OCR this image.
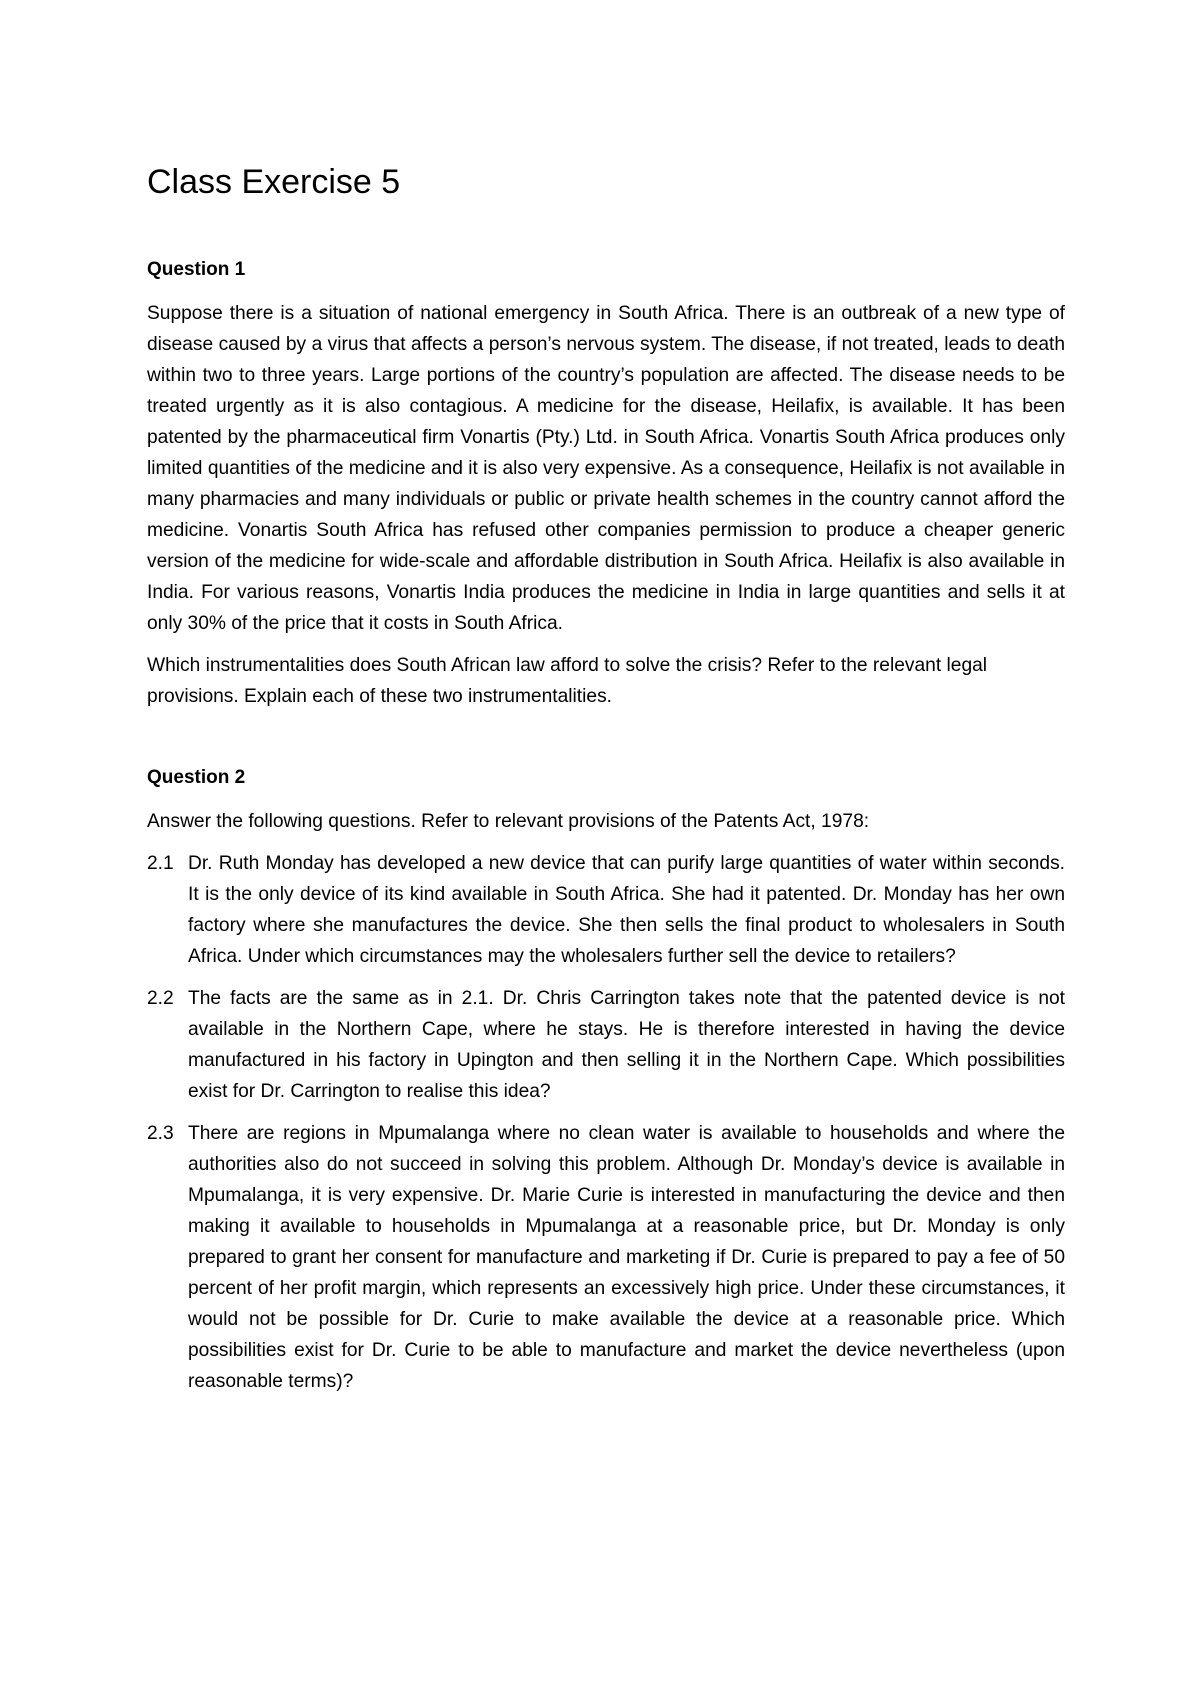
Class Exercise 5
Question 1

Suppose there is a situation of national emergency in South Africa. There is an outbreak of a new type of disease caused by a virus that affects a person’s nervous system. The disease, if not treated, leads to death within two to three years. Large portions of the country’s population are affected. The disease needs to be treated urgently as it is also contagious. A medicine for the disease, Heilafix, is available. It has been patented by the pharmaceutical firm Vonartis (Pty.) Ltd. in South Africa. Vonartis South Africa produces only limited quantities of the medicine and it is also very expensive. As a consequence, Heilafix is not available in many pharmacies and many individuals or public or private health schemes in the country cannot afford the medicine. Vonartis South Africa has refused other companies permission to produce a cheaper generic version of the medicine for wide-scale and affordable distribution in South Africa. Heilafix is also available in India. For various reasons, Vonartis India produces the medicine in India in large quantities and sells it at only 30% of the price that it costs in South Africa.

Which instrumentalities does South African law afford to solve the crisis? Refer to the relevant legal provisions. Explain each of these two instrumentalities.

Question 2

Answer the following questions. Refer to relevant provisions of the Patents Act, 1978:

2.1 Dr. Ruth Monday has developed a new device that can purify large quantities of water within seconds. It is the only device of its kind available in South Africa. She had it patented. Dr. Monday has her own factory where she manufactures the device. She then sells the final product to wholesalers in South Africa. Under which circumstances may the wholesalers further sell the device to retailers?

2.2 The facts are the same as in 2.1. Dr. Chris Carrington takes note that the patented device is not available in the Northern Cape, where he stays. He is therefore interested in having the device manufactured in his factory in Upington and then selling it in the Northern Cape. Which possibilities exist for Dr. Carrington to realise this idea?

2.3 There are regions in Mpumalanga where no clean water is available to households and where the authorities also do not succeed in solving this problem. Although Dr. Monday’s device is available in Mpumalanga, it is very expensive. Dr. Marie Curie is interested in manufacturing the device and then making it available to households in Mpumalanga at a reasonable price, but Dr. Monday is only prepared to grant her consent for manufacture and marketing if Dr. Curie is prepared to pay a fee of 50 percent of her profit margin, which represents an excessively high price. Under these circumstances, it would not be possible for Dr. Curie to make available the device at a reasonable price. Which possibilities exist for Dr. Curie to be able to manufacture and market the device nevertheless (upon reasonable terms)?
